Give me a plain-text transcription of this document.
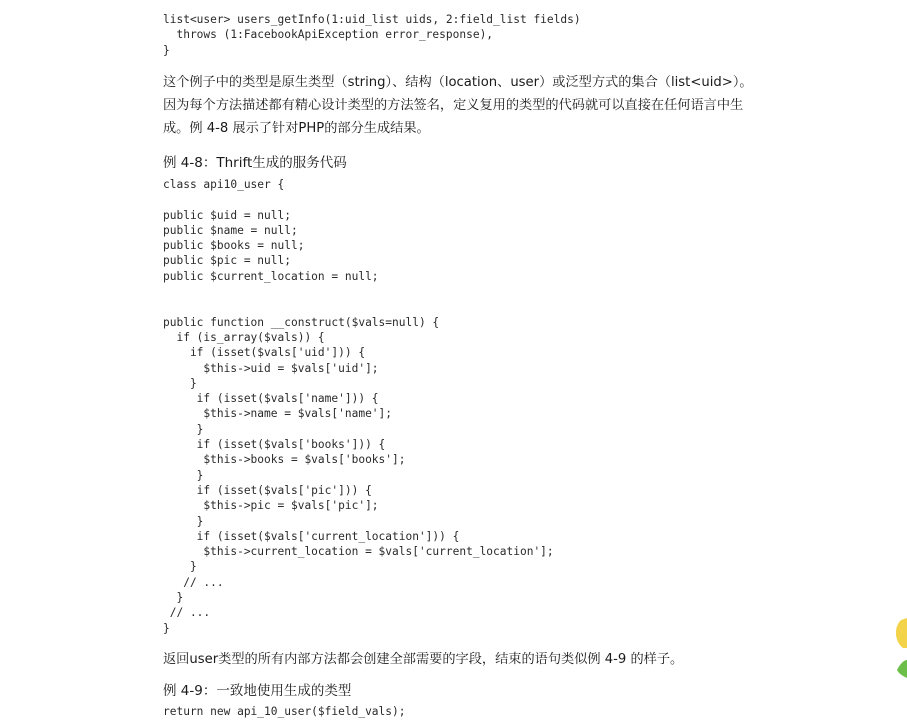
list<user> users_getInfo(1:uid_list uids, 2:field_list fields)
throws (1:FacebookApiException error_response),
}

这个例子中的类型是原生类型（string）、结构（location、user）或泛型方式的集合（list<uid>）。因为每个方法描述都有精心设计类型的方法签名，定义复用的类型的代码就可以直接在任何语言中生成。例 4-8 展示了针对PHP的部分生成结果。

例 4-8：Thrift生成的服务代码

class api10_user {

public $uid = null;
public $name = null;
public $books = null;
public $pic = null;
public $current_location = null;

public function __construct($vals=null) {
if (is_array($vals)) {
if (isset($vals['uid'])) {
$this->uid = $vals['uid'];
}
if (isset($vals['name'])) {
$this->name = $vals['name'];
}
if (isset($vals['books'])) {
$this->books = $vals['books'];
}
if (isset($vals['pic'])) {
$this->pic = $vals['pic'];
}
if (isset($vals['current_location'])) {
$this->current_location = $vals['current_location'];
}
// ...
}
// ...
}

返回user类型的所有内部方法都会创建全部需要的字段，结束的语句类似例 4-9 的样子。

例 4-9：一致地使用生成的类型

return new api_10_user($field_vals);
